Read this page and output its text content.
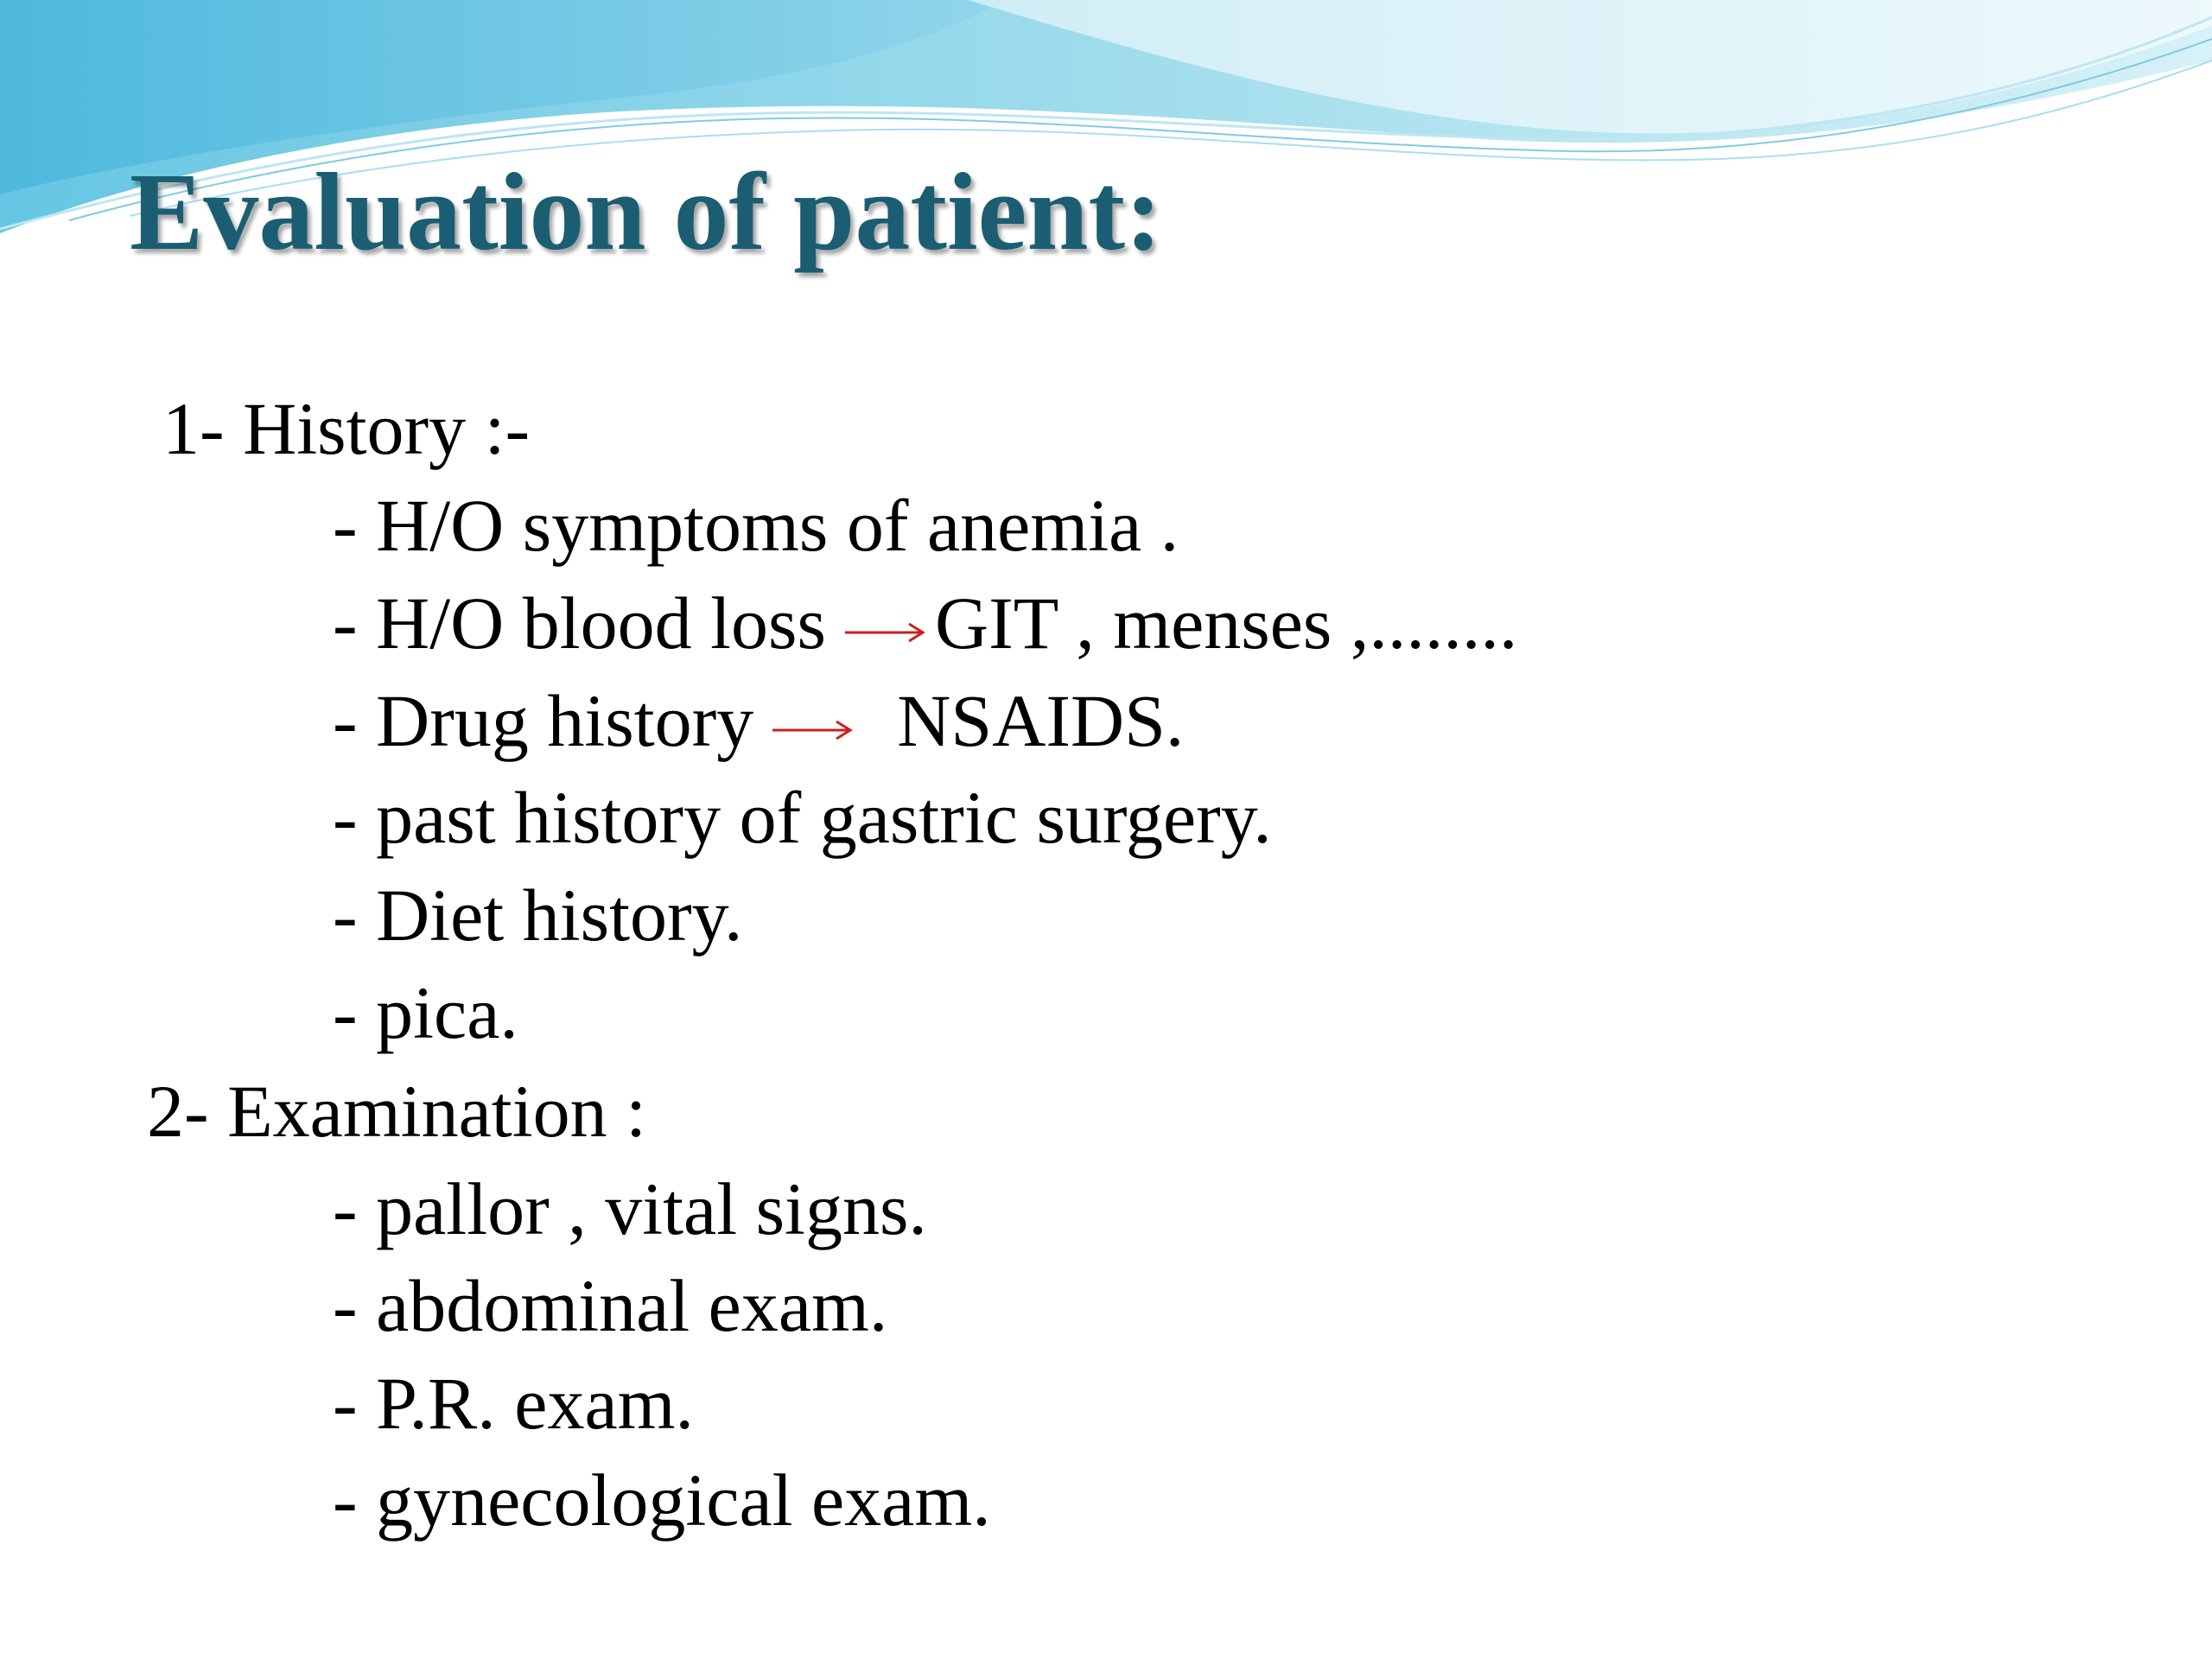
Evaluation of patient:
1- History :-
- H/O symptoms of anemia .
- H/O blood loss GIT , menses ,........
- Drug history NSAIDS.
- past history of gastric surgery.
- Diet history.
- pica.
2- Examination :
- pallor , vital signs.
- abdominal exam.
- P.R. exam.
- gynecological exam.
